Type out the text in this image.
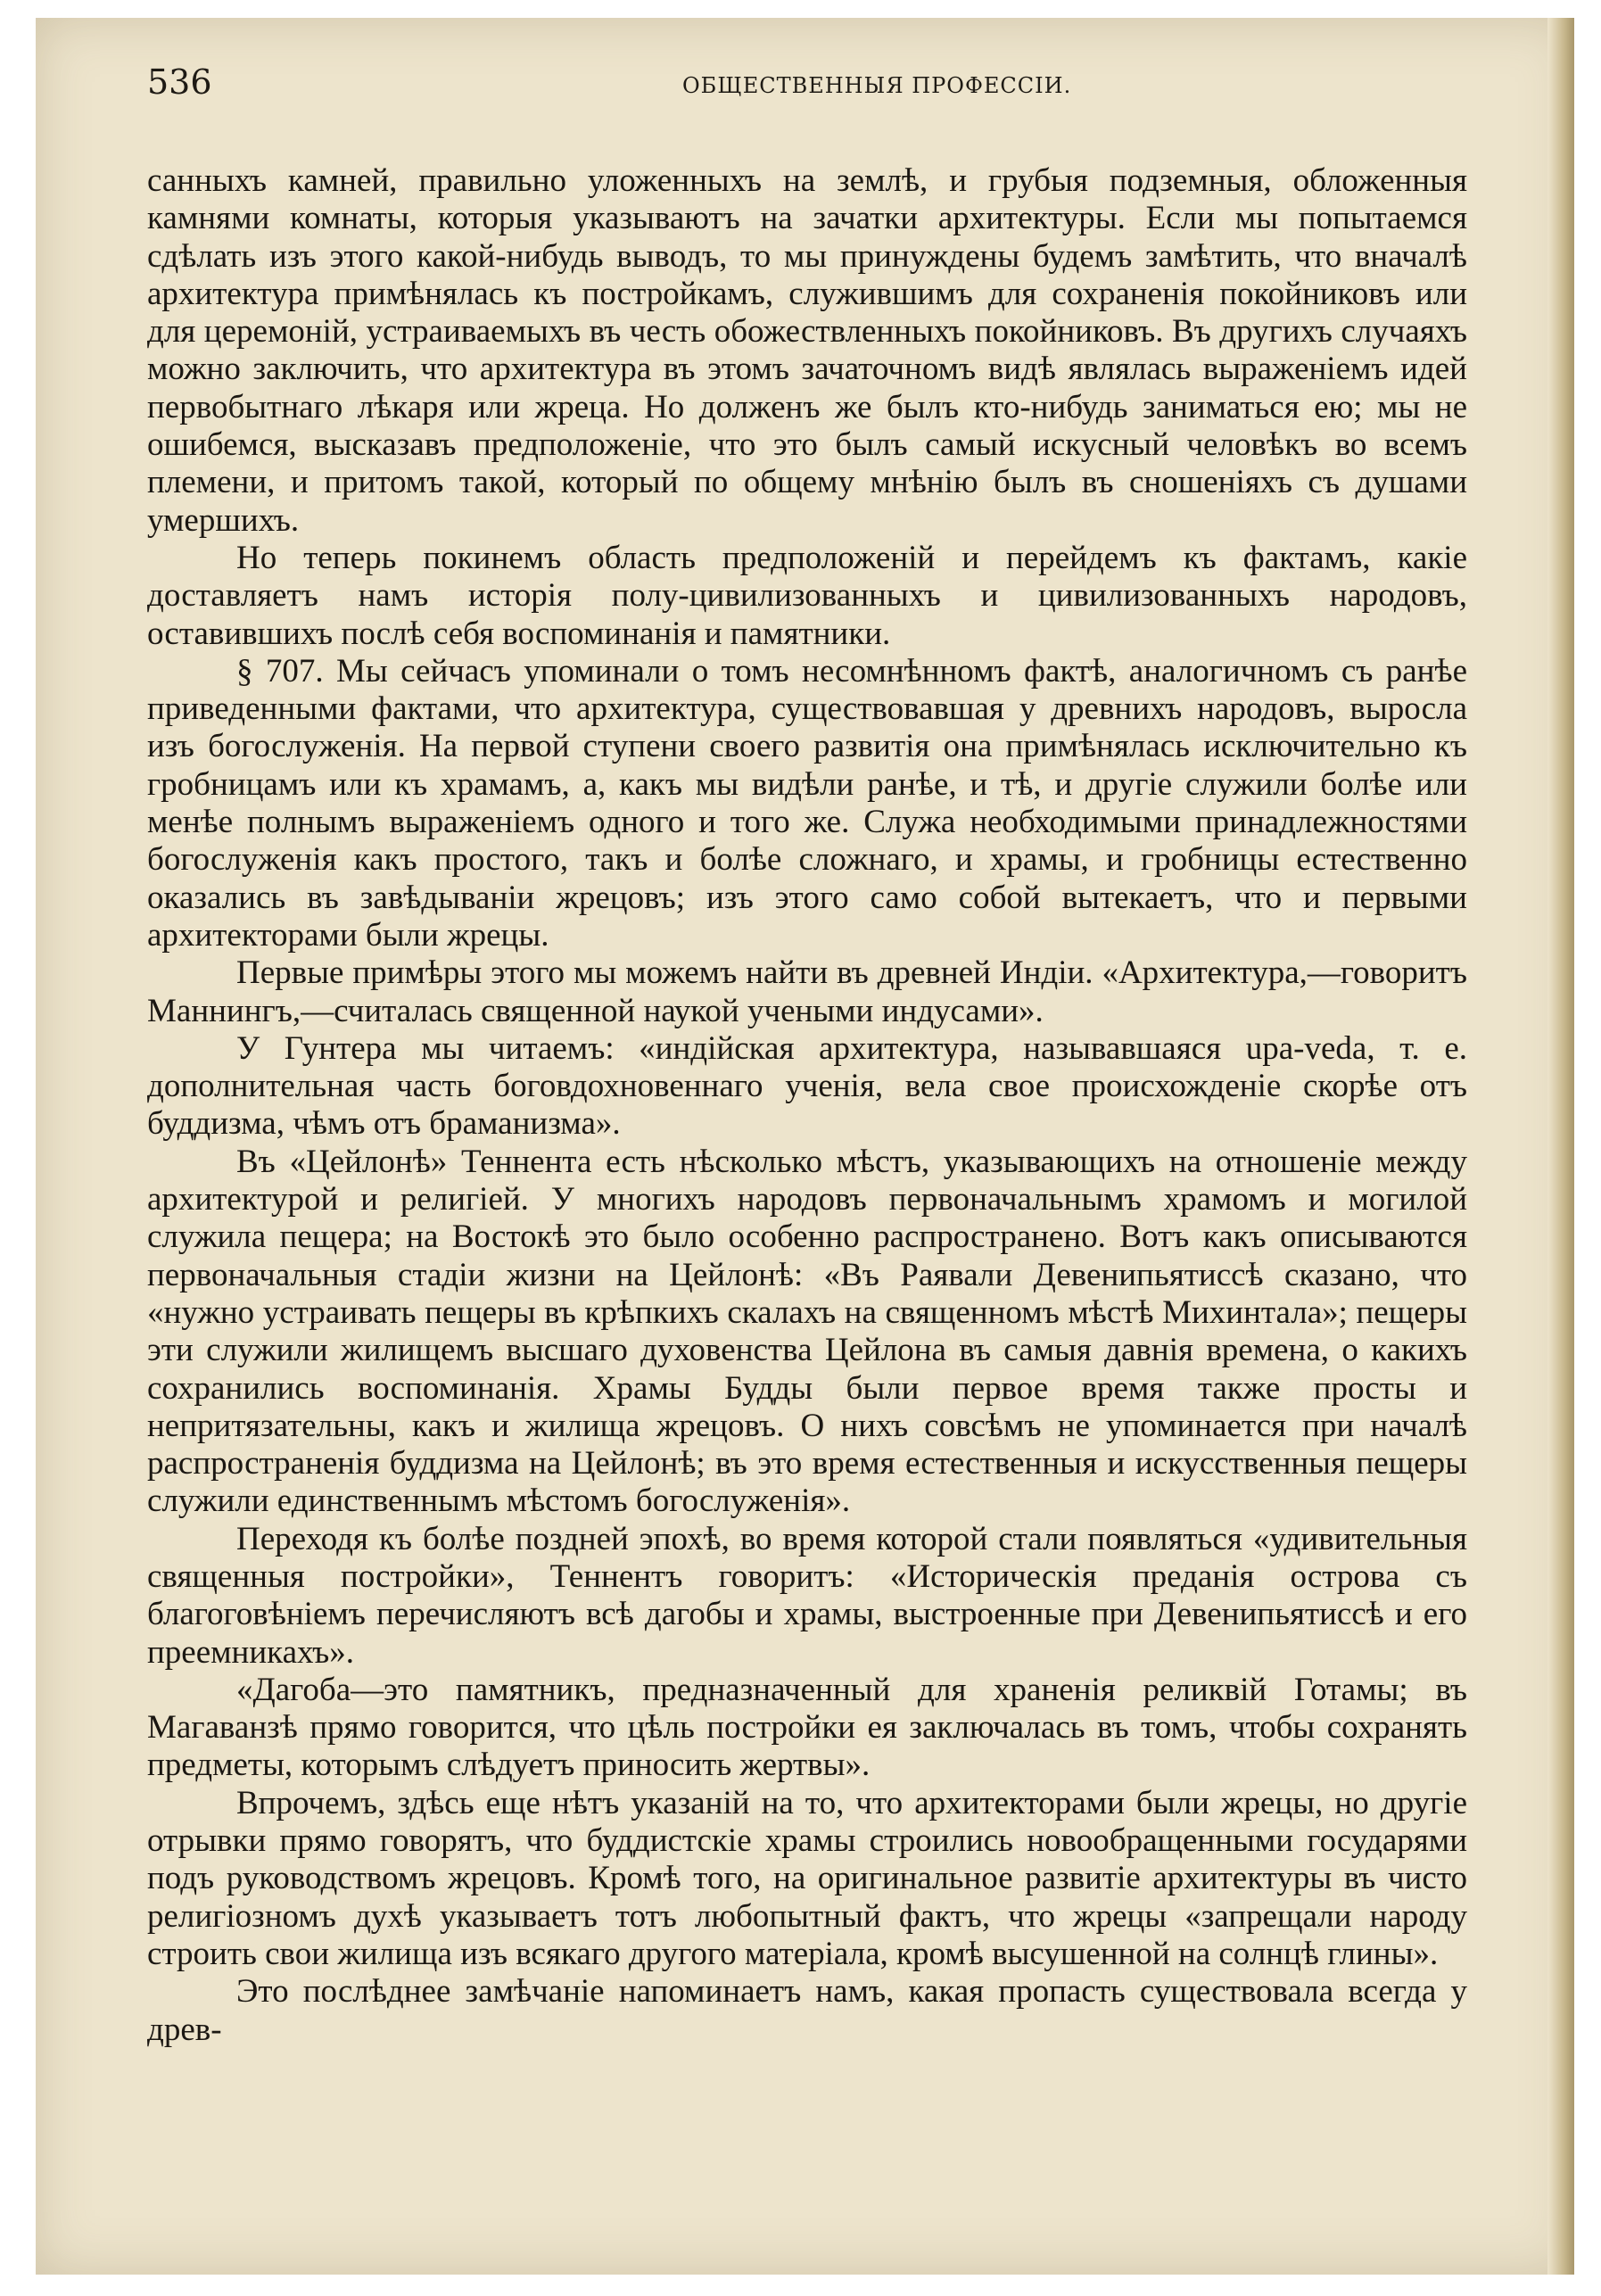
536	ОБЩЕСТВЕННЫЯ ПРОФЕССІИ.

санныхъ камней, правильно уложенныхъ на землѣ, и грубыя подземныя, обложенныя камнями комнаты, которыя указываютъ на зачатки архитектуры. Если мы попытаемся сдѣлать изъ этого какой-нибудь выводъ, то мы принуждены будемъ замѣтить, что вначалѣ архитектура примѣнялась къ постройкамъ, служившимъ для сохраненія покойниковъ или для церемоній, устраиваемыхъ въ честь обожествленныхъ покойниковъ. Въ другихъ случаяхъ можно заключить, что архитектура въ этомъ зачаточномъ видѣ являлась выраженіемъ идей первобытнаго лѣкаря или жреца. Но долженъ же былъ кто-нибудь заниматься ею; мы не ошибемся, высказавъ предположеніе, что это былъ самый искусный человѣкъ во всемъ племени, и притомъ такой, который по общему мнѣнію былъ въ сношеніяхъ съ душами умершихъ.

Но теперь покинемъ область предположеній и перейдемъ къ фактамъ, какіе доставляетъ намъ исторія полу-цивилизованныхъ и цивилизованныхъ народовъ, оставившихъ послѣ себя воспоминанія и памятники.

§ 707. Мы сейчасъ упоминали о томъ несомнѣнномъ фактѣ, аналогичномъ съ ранѣе приведенными фактами, что архитектура, существовавшая у древнихъ народовъ, выросла изъ богослуженія. На первой ступени своего развитія она примѣнялась исключительно къ гробницамъ или къ храмамъ, а, какъ мы видѣли ранѣе, и тѣ, и другіе служили болѣе или менѣе полнымъ выраженіемъ одного и того же. Служа необходимыми принадлежностями богослуженія какъ простого, такъ и болѣе сложнаго, и храмы, и гробницы естественно оказались въ завѣдываніи жрецовъ; изъ этого само собой вытекаетъ, что и первыми архитекторами были жрецы.

Первые примѣры этого мы можемъ найти въ древней Индіи. «Архитектура,—говоритъ Маннингъ,—считалась священной наукой учеными индусами».

У Гунтера мы читаемъ: «индійская архитектура, называвшаяся upa-veda, т. е. дополнительная часть боговдохновеннаго ученія, вела свое происхожденіе скорѣе отъ буддизма, чѣмъ отъ браманизма».

Въ «Цейлонѣ» Теннента есть нѣсколько мѣстъ, указывающихъ на отношеніе между архитектурой и религіей. У многихъ народовъ первоначальнымъ храмомъ и могилой служила пещера; на Востокѣ это было особенно распространено. Вотъ какъ описываются первоначальныя стадіи жизни на Цейлонѣ: «Въ Раявали Девенипьятиссѣ сказано, что «нужно устраивать пещеры въ крѣпкихъ скалахъ на священномъ мѣстѣ Михинтала»; пещеры эти служили жилищемъ высшаго духовенства Цейлона въ самыя давнія времена, о какихъ сохранились воспоминанія. Храмы Будды были первое время также просты и непритязательны, какъ и жилища жрецовъ. О нихъ совсѣмъ не упоминается при началѣ распространенія буддизма на Цейлонѣ; въ это время естественныя и искусственныя пещеры служили единственнымъ мѣстомъ богослуженія».

Переходя къ болѣе поздней эпохѣ, во время которой стали появляться «удивительныя священныя постройки», Теннентъ говоритъ: «Историческія преданія острова съ благоговѣніемъ перечисляютъ всѣ дагобы и храмы, выстроенные при Девенипьятиссѣ и его преемникахъ».

«Дагоба—это памятникъ, предназначенный для храненія реликвій Готамы; въ Магаванзѣ прямо говорится, что цѣль постройки ея заключалась въ томъ, чтобы сохранять предметы, которымъ слѣдуетъ приносить жертвы».

Впрочемъ, здѣсь еще нѣтъ указаній на то, что архитекторами были жрецы, но другіе отрывки прямо говорятъ, что буддистскіе храмы строились новообращенными государями подъ руководствомъ жрецовъ. Кромѣ того, на оригинальное развитіе архитектуры въ чисто религіозномъ духѣ указываетъ тотъ любопытный фактъ, что жрецы «запрещали народу строить свои жилища изъ всякаго другого матеріала, кромѣ высушенной на солнцѣ глины».

Это послѣднее замѣчаніе напоминаетъ намъ, какая пропасть существовала всегда у древ-
